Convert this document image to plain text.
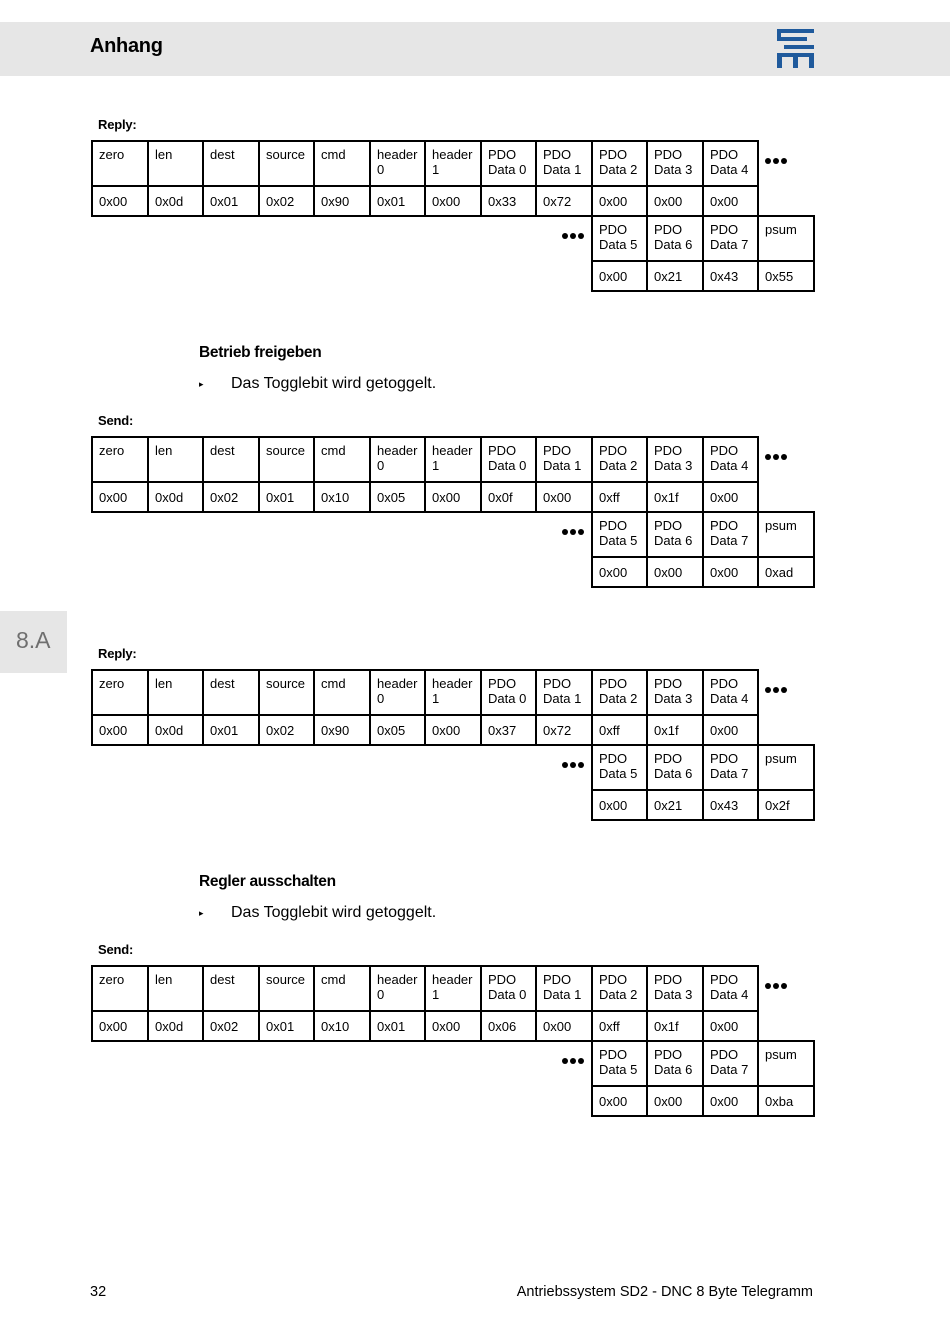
Anhang
8.A
Reply:
zero
0x00
len
0x0d
dest
0x01
source
0x02
cmd
0x90
header
0
0x01
header
1
0x00
PDO
Data 0
0x33
PDO
Data 1
0x72
PDO
Data 2
0x00
PDO
Data 3
0x00
PDO
Data 4
0x00
PDO
Data 5
0x00
PDO
Data 6
0x21
PDO
Data 7
0x43
psum
0x55
Send:
zero
0x00
len
0x0d
dest
0x02
source
0x01
cmd
0x10
header
0
0x05
header
1
0x00
PDO
Data 0
0x0f
PDO
Data 1
0x00
PDO
Data 2
0xff
PDO
Data 3
0x1f
PDO
Data 4
0x00
PDO
Data 5
0x00
PDO
Data 6
0x00
PDO
Data 7
0x00
psum
0xad
Reply:
zero
0x00
len
0x0d
dest
0x01
source
0x02
cmd
0x90
header
0
0x05
header
1
0x00
PDO
Data 0
0x37
PDO
Data 1
0x72
PDO
Data 2
0xff
PDO
Data 3
0x1f
PDO
Data 4
0x00
PDO
Data 5
0x00
PDO
Data 6
0x21
PDO
Data 7
0x43
psum
0x2f
Send:
zero
0x00
len
0x0d
dest
0x02
source
0x01
cmd
0x10
header
0
0x01
header
1
0x00
PDO
Data 0
0x06
PDO
Data 1
0x00
PDO
Data 2
0xff
PDO
Data 3
0x1f
PDO
Data 4
0x00
PDO
Data 5
0x00
PDO
Data 6
0x00
PDO
Data 7
0x00
psum
0xba
Betrieb freigeben
▸ Das Togglebit wird getoggelt.
Regler ausschalten
▸ Das Togglebit wird getoggelt.
32	Antriebssystem SD2 - DNC 8 Byte Telegramm
